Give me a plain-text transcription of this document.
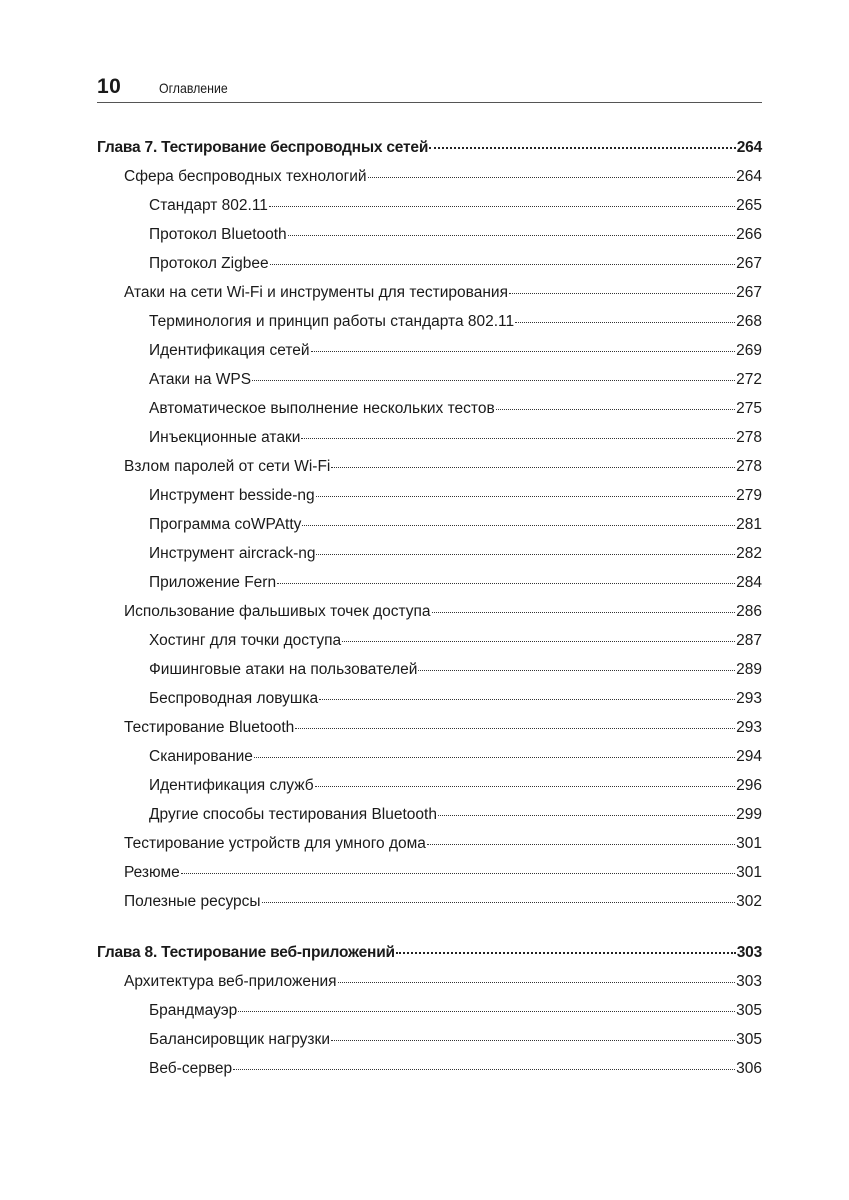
10	Оглавление
Глава 7. Тестирование беспроводных сетей	264
Сфера беспроводных технологий	264
Стандарт 802.11	265
Протокол Bluetooth	266
Протокол Zigbee	267
Атаки на сети Wi-Fi и инструменты для тестирования	267
Терминология и принцип работы стандарта 802.11	268
Идентификация сетей	269
Атаки на WPS	272
Автоматическое выполнение нескольких тестов	275
Инъекционные атаки	278
Взлом паролей от сети Wi-Fi	278
Инструмент besside-ng	279
Программа coWPAtty	281
Инструмент aircrack-ng	282
Приложение Fern	284
Использование фальшивых точек доступа	286
Хостинг для точки доступа	287
Фишинговые атаки на пользователей	289
Беспроводная ловушка	293
Тестирование Bluetooth	293
Сканирование	294
Идентификация служб	296
Другие способы тестирования Bluetooth	299
Тестирование устройств для умного дома	301
Резюме	301
Полезные ресурсы	302
Глава 8. Тестирование веб-приложений	303
Архитектура веб-приложения	303
Брандмауэр	305
Балансировщик нагрузки	305
Веб-сервер	306
